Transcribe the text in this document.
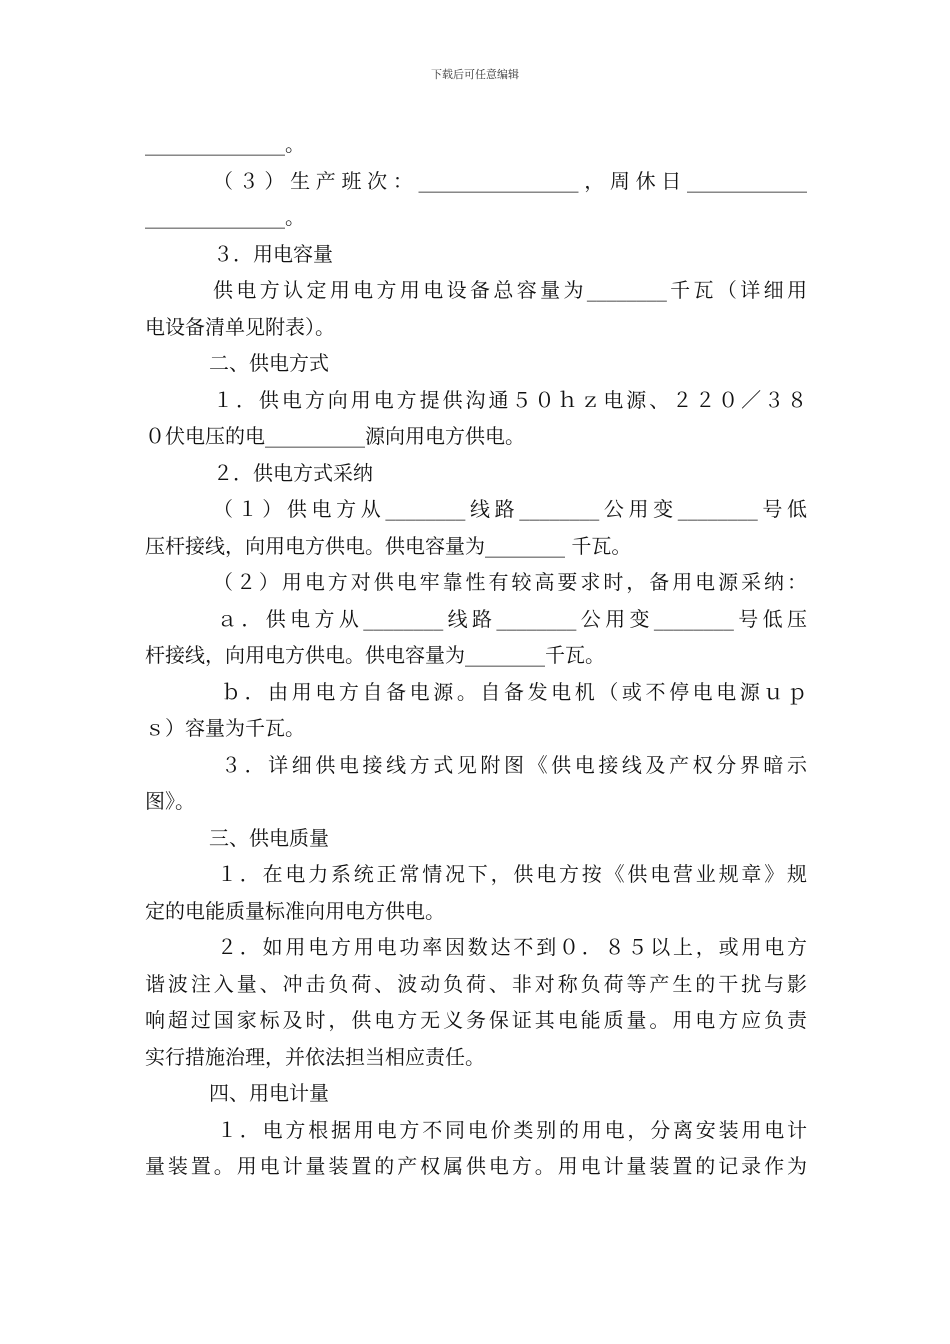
下载后可任意编辑
______________。
（３）生产班次：________________，周休日____________
______________。
３．用电容量
供电方认定用电方用电设备总容量为________千瓦（详细用
电设备清单见附表）。
二、供电方式
１．供电方向用电方提供沟通５０ｈｚ电源、２２０／３８
０伏电压的电__________源向用电方供电。
２．供电方式采纳
（１）供电方从________线路________公用变________号低
压杆接线，向用电方供电。供电容量为________ 千瓦。
（２）用电方对供电牢靠性有较高要求时，备用电源采纳：
ａ．供电方从________线路________公用变________号低压
杆接线，向用电方供电。供电容量为________千瓦。
ｂ．由用电方自备电源。自备发电机（或不停电电源ｕｐ
ｓ）容量为千瓦。
３．详细供电接线方式见附图《供电接线及产权分界暗示
图》。
三、供电质量
１．在电力系统正常情况下，供电方按《供电营业规章》规
定的电能质量标准向用电方供电。
２．如用电方用电功率因数达不到０．８５以上，或用电方
谐波注入量、冲击负荷、波动负荷、非对称负荷等产生的干扰与影
响超过国家标及时，供电方无义务保证其电能质量。用电方应负责
实行措施治理，并依法担当相应责任。
四、用电计量
１．电方根据用电方不同电价类别的用电，分离安装用电计
量装置。用电计量装置的产权属供电方。用电计量装置的记录作为
